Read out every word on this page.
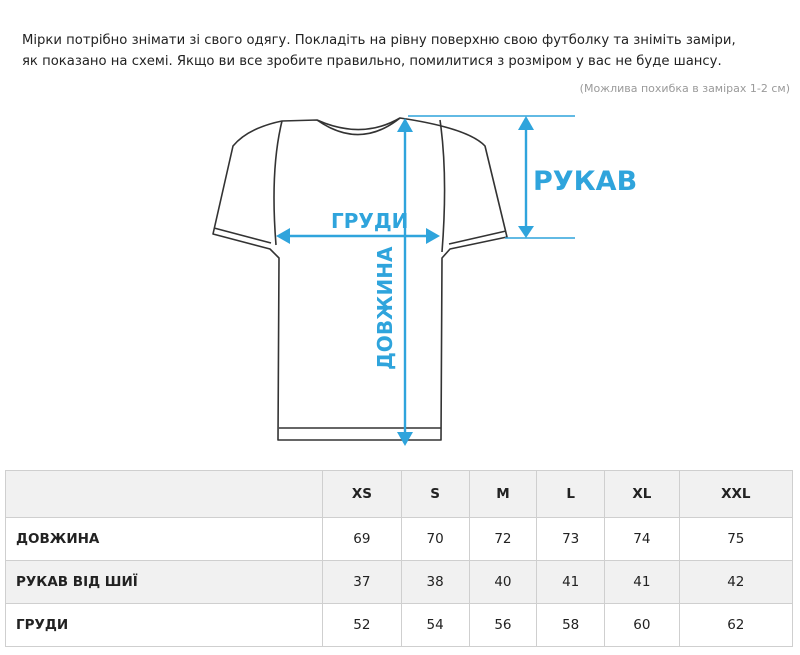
Мірки потрібно знімати зі свого одягу. Покладіть на рівну поверхню свою футболку та зніміть заміри,
як показано на схемі. Якщо ви все зробите правильно, помилитися з розміром у вас не буде шансу.
(Можлива похибка в замірах 1-2 см)
РУКАВ
ГРУДИ
ДОВЖИНА
	XS	S	M	L	XL	XXL
ДОВЖИНА	69	70	72	73	74	75
РУКАВ ВІД ШИЇ	37	38	40	41	41	42
ГРУДИ	52	54	56	58	60	62
